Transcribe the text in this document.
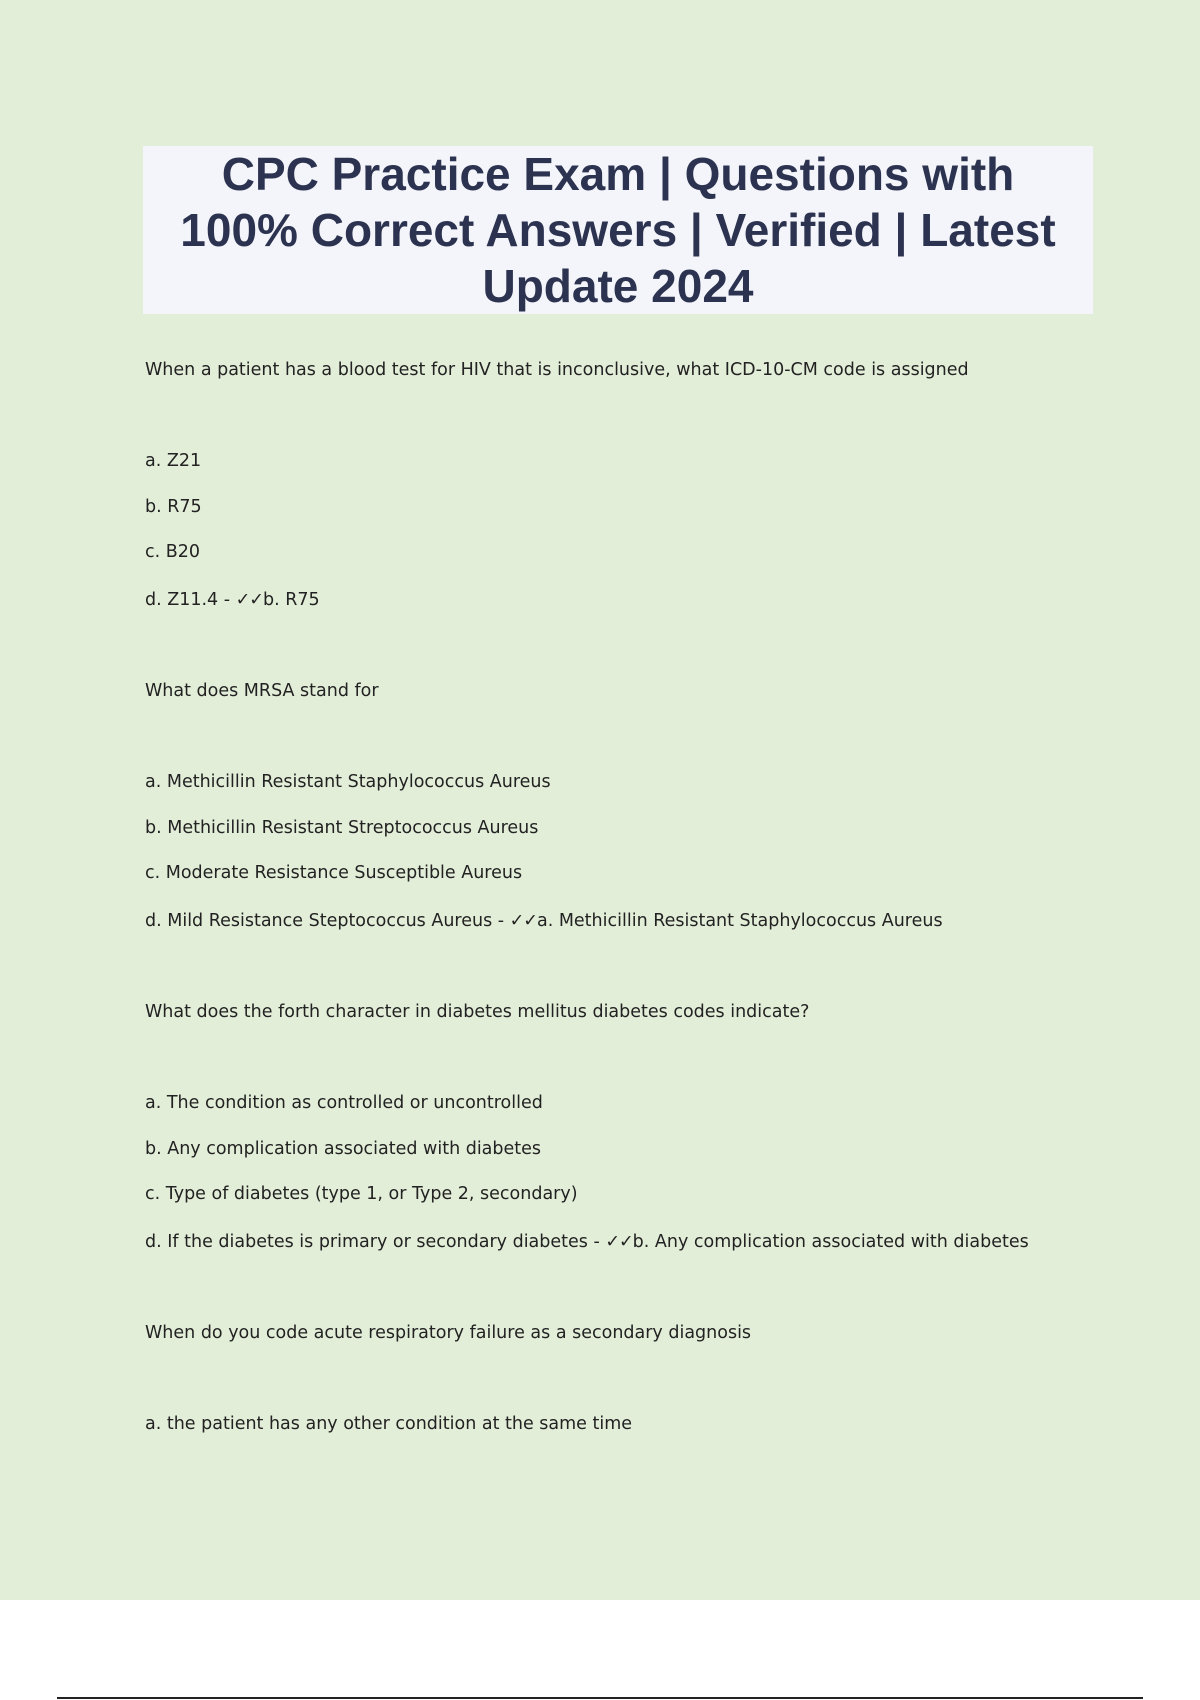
CPC Practice Exam | Questions with 100% Correct Answers | Verified | Latest Update 2024

When a patient has a blood test for HIV that is inconclusive, what ICD-10-CM code is assigned

a. Z21

b. R75

c. B20

d. Z11.4 - ✓✓b. R75

What does MRSA stand for

a. Methicillin Resistant Staphylococcus Aureus

b. Methicillin Resistant Streptococcus Aureus

c. Moderate Resistance Susceptible Aureus

d. Mild Resistance Steptococcus Aureus - ✓✓a. Methicillin Resistant Staphylococcus Aureus

What does the forth character in diabetes mellitus diabetes codes indicate?

a. The condition as controlled or uncontrolled

b. Any complication associated with diabetes

c. Type of diabetes (type 1, or Type 2, secondary)

d. If the diabetes is primary or secondary diabetes - ✓✓b. Any complication associated with diabetes

When do you code acute respiratory failure as a secondary diagnosis

a. the patient has any other condition at the same time
